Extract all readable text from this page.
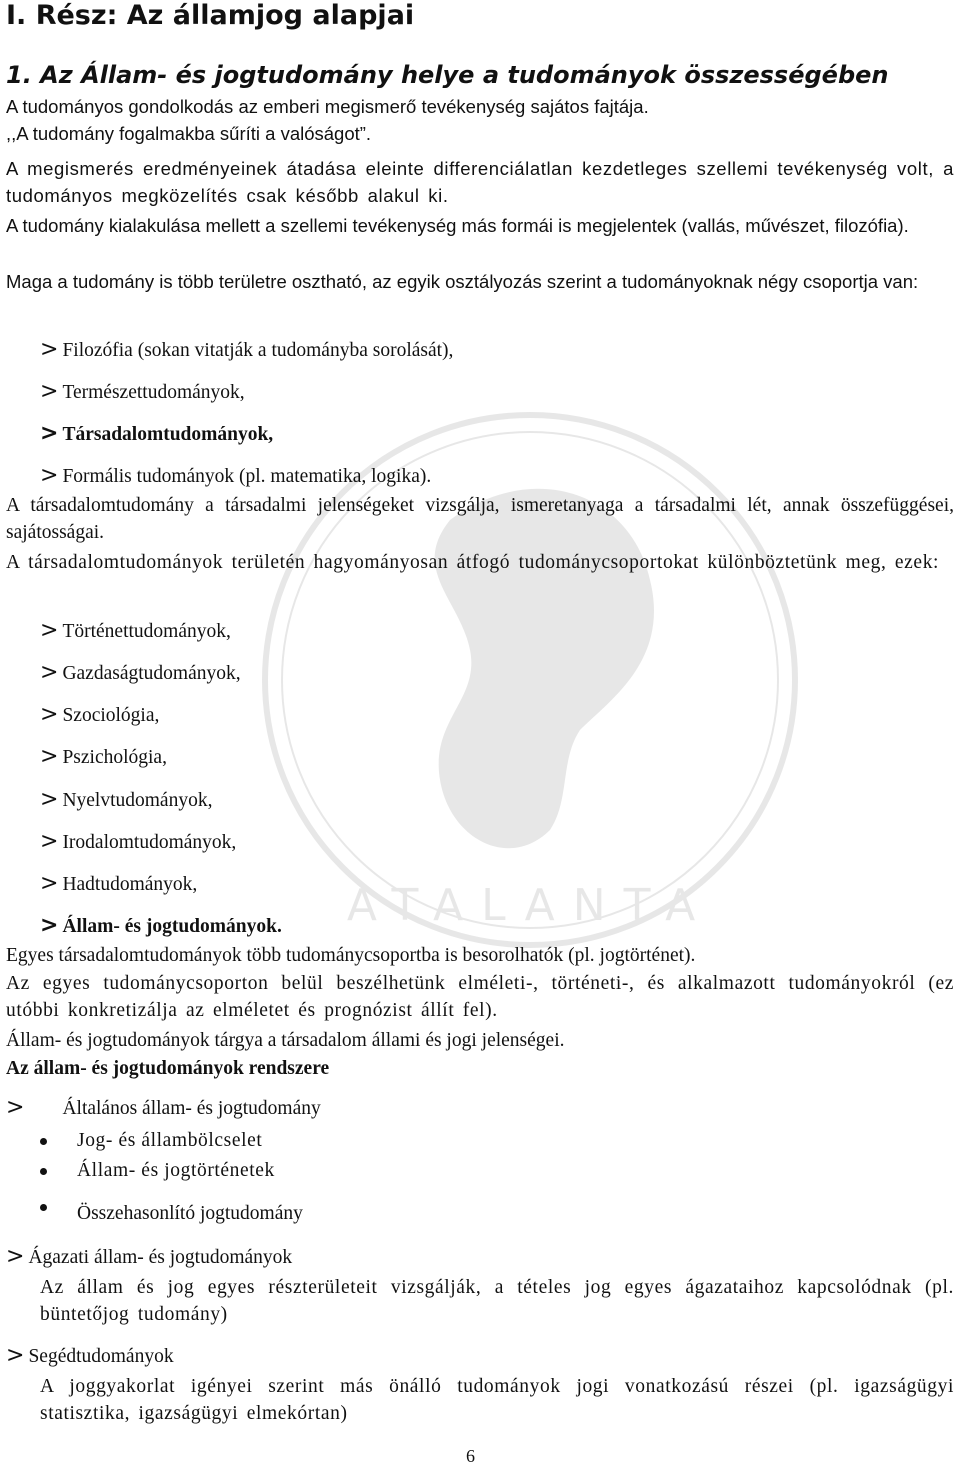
ATALANTA
I. Rész: Az államjog alapjai
1. Az Állam- és jogtudomány helye a tudományok összességében

A tudományos gondolkodás az emberi megismerő tevékenység sajátos fajtája.

,,A tudomány fogalmakba sűríti a valóságot”.

A megismerés eredményeinek átadása eleinte differenciálatlan kezdetleges szellemi tevékenység volt, a tudományos megközelítés csak később alakul ki.

A tudomány kialakulása mellett a szellemi tevékenység más formái is megjelentek (vallás, művészet, filozófia).

Maga a tudomány is több területre osztható, az egyik osztályozás szerint a tudományoknak négy csoportja van:

> Filozófia (sokan vitatják a tudományba sorolását),
> Természettudományok,
> Társadalomtudományok,
> Formális tudományok (pl. matematika, logika).

A társadalomtudomány a társadalmi jelenségeket vizsgálja, ismeretanyaga a társadalmi lét, annak összefüggései, sajátosságai.

A társadalomtudományok területén hagyományosan átfogó tudománycsoportokat különböztetünk meg, ezek:

> Történettudományok,
> Gazdaságtudományok,
> Szociológia,
> Pszichológia,
> Nyelvtudományok,
> Irodalomtudományok,
> Hadtudományok,
> Állam- és jogtudományok.

Egyes társadalomtudományok több tudománycsoportba is besorolhatók (pl. jogtörténet).

Az egyes tudománycsoporton belül beszélhetünk elméleti-, történeti-, és alkalmazott tudományokról (ez utóbbi konkretizálja az elméletet és prognózist állít fel).

Állam- és jogtudományok tárgya a társadalom állami és jogi jelenségei.

Az állam- és jogtudományok rendszere

> Általános állam- és jogtudomány
Jog- és állambölcselet
Állam- és jogtörténetek
Összehasonlító jogtudomány
> Ágazati állam- és jogtudományok

Az állam és jog egyes részterületeit vizsgálják, a tételes jog egyes ágazataihoz kapcsolódnak (pl. büntetőjog tudomány)

> Segédtudományok

A joggyakorlat igényei szerint más önálló tudományok jogi vonatkozású részei (pl. igazságügyi statisztika, igazságügyi elmekórtan)

6
